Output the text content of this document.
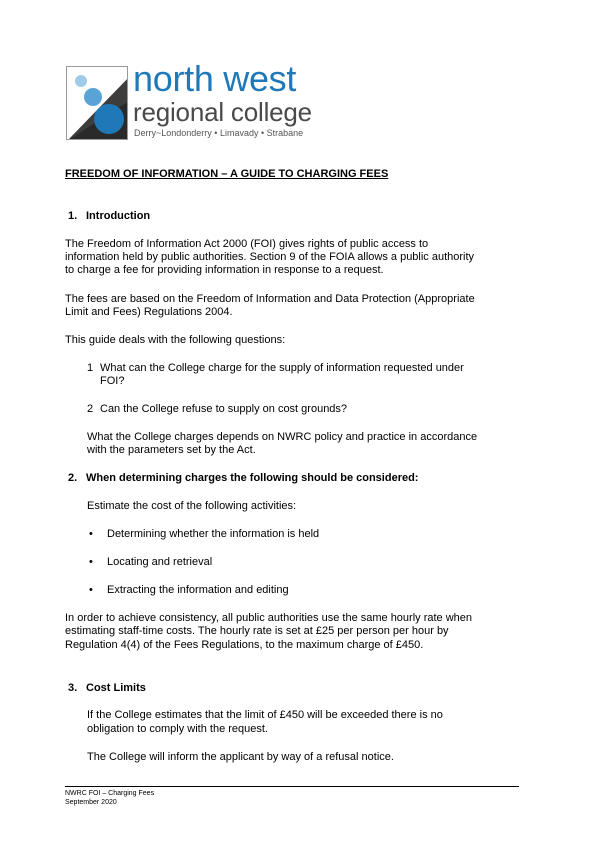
north west
regional college
Derry~Londonderry • Limavady • Strabane
FREEDOM OF INFORMATION – A GUIDE TO CHARGING FEES
1. Introduction
The Freedom of Information Act 2000 (FOI) gives rights of public access to
information held by public authorities. Section 9 of the FOIA allows a public authority
to charge a fee for providing information in response to a request.
The fees are based on the Freedom of Information and Data Protection (Appropriate
Limit and Fees) Regulations 2004.
This guide deals with the following questions:
1 What can the College charge for the supply of information requested under
FOI?
2 Can the College refuse to supply on cost grounds?
What the College charges depends on NWRC policy and practice in accordance
with the parameters set by the Act.
2. When determining charges the following should be considered:
Estimate the cost of the following activities:
• Determining whether the information is held
• Locating and retrieval
• Extracting the information and editing
In order to achieve consistency, all public authorities use the same hourly rate when
estimating staff-time costs. The hourly rate is set at £25 per person per hour by
Regulation 4(4) of the Fees Regulations, to the maximum charge of £450.
3. Cost Limits
If the College estimates that the limit of £450 will be exceeded there is no
obligation to comply with the request.
The College will inform the applicant by way of a refusal notice.
NWRC FOI – Charging Fees
September 2020
